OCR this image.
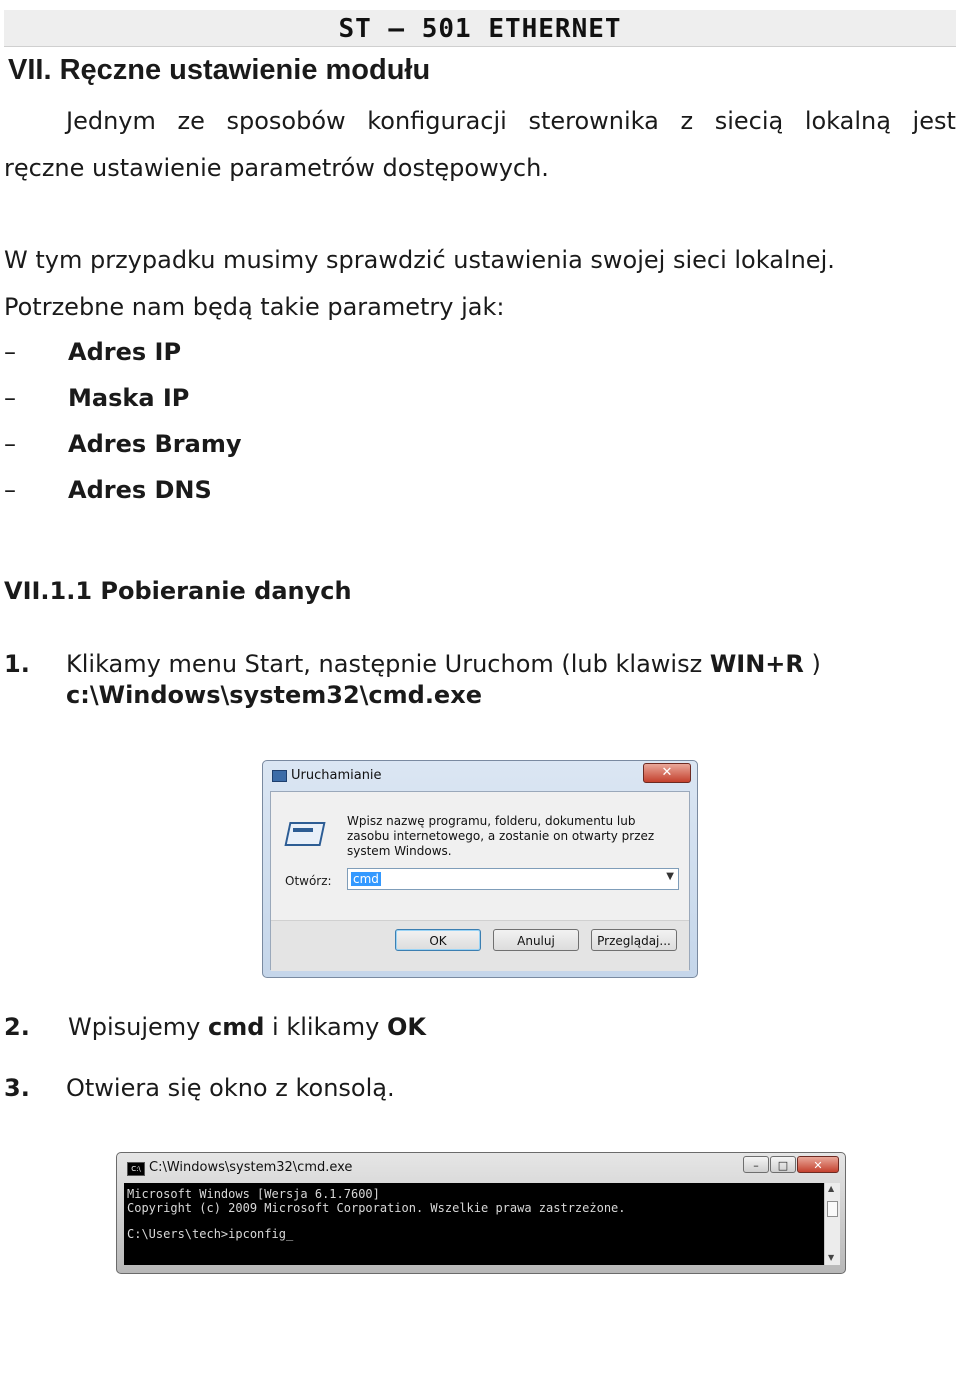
ST – 501 ETHERNET
VII. Ręczne ustawienie modułu
Jednym ze sposobów konfiguracji sterownika z siecią lokalną jest
ręczne ustawienie parametrów dostępowych.
W tym przypadku musimy sprawdzić ustawienia swojej sieci lokalnej.
Potrzebne nam będą takie parametry jak:
– Adres IP
– Maska IP
– Adres Bramy
– Adres DNS
VII.1.1 Pobieranie danych
1. Klikamy menu Start, następnie Uruchom (lub klawisz WIN+R )
c:\Windows\system32\cmd.exe
Uruchamianie	✕
Wpisz nazwę programu, folderu, dokumentu lub zasobu internetowego, a zostanie on otwarty przez system Windows.
Otwórz: cmd	▼
OK	Anuluj	Przeglądaj...
2. Wpisujemy cmd i klikamy OK
3. Otwiera się okno z konsolą.
C:\ C:\Windows\system32\cmd.exe	–	□	✕
Microsoft Windows [Wersja 6.1.7600]
Copyright (c) 2009 Microsoft Corporation. Wszelkie prawa zastrzeżone.
C:\Users\tech>ipconfig_
▲
▼
